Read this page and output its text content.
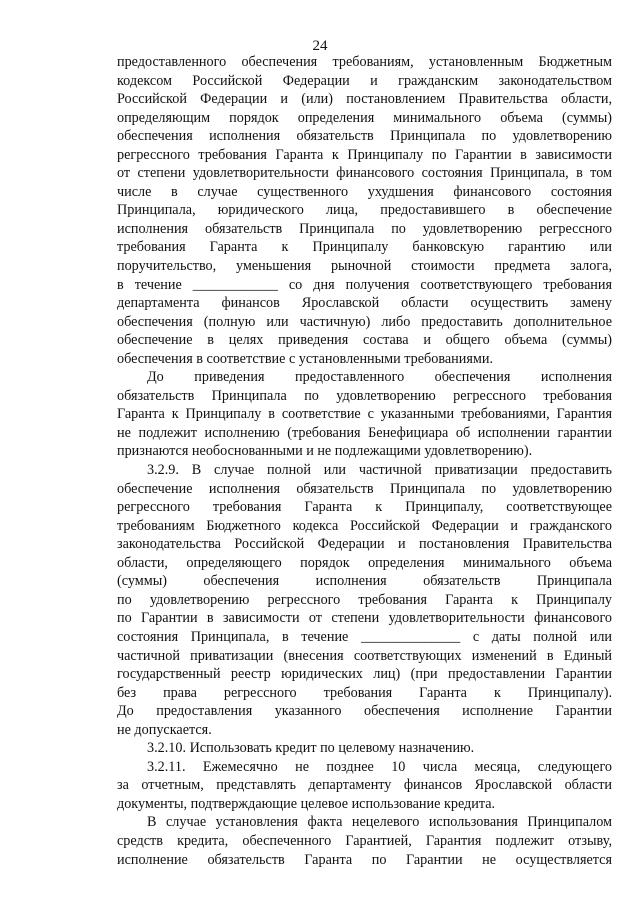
24
предоставленного обеспечения требованиям, установленным Бюджетным
кодексом Российской Федерации и гражданским законодательством
Российской Федерации и (или) постановлением Правительства области,
определяющим порядок определения минимального объема (суммы)
обеспечения исполнения обязательств Принципала по удовлетворению
регрессного требования Гаранта к Принципалу по Гарантии в зависимости
от степени удовлетворительности финансового состояния Принципала, в том
числе в случае существенного ухудшения финансового состояния
Принципала, юридического лица, предоставившего в обеспечение
исполнения обязательств Принципала по удовлетворению регрессного
требования Гаранта к Принципалу банковскую гарантию или
поручительство, уменьшения рыночной стоимости предмета залога,
в течение ____________ со дня получения соответствующего требования
департамента финансов Ярославской области осуществить замену
обеспечения (полную или частичную) либо предоставить дополнительное
обеспечение в целях приведения состава и общего объема (суммы)
обеспечения в соответствие с установленными требованиями.
До приведения предоставленного обеспечения исполнения
обязательств Принципала по удовлетворению регрессного требования
Гаранта к Принципалу в соответствие с указанными требованиями, Гарантия
не подлежит исполнению (требования Бенефициара об исполнении гарантии
признаются необоснованными и не подлежащими удовлетворению).
3.2.9. В случае полной или частичной приватизации предоставить
обеспечение исполнения обязательств Принципала по удовлетворению
регрессного требования Гаранта к Принципалу, соответствующее
требованиям Бюджетного кодекса Российской Федерации и гражданского
законодательства Российской Федерации и постановления Правительства
области, определяющего порядок определения минимального объема
(суммы) обеспечения исполнения обязательств Принципала
по удовлетворению регрессного требования Гаранта к Принципалу
по Гарантии в зависимости от степени удовлетворительности финансового
состояния Принципала, в течение ______________ с даты полной или
частичной приватизации (внесения соответствующих изменений в Единый
государственный реестр юридических лиц) (при предоставлении Гарантии
без права регрессного требования Гаранта к Принципалу).
До предоставления указанного обеспечения исполнение Гарантии
не допускается.
3.2.10. Использовать кредит по целевому назначению.
3.2.11. Ежемесячно не позднее 10 числа месяца, следующего
за отчетным, представлять департаменту финансов Ярославской области
документы, подтверждающие целевое использование кредита.
В случае установления факта нецелевого использования Принципалом
средств кредита, обеспеченного Гарантией, Гарантия подлежит отзыву,
исполнение обязательств Гаранта по Гарантии не осуществляется
